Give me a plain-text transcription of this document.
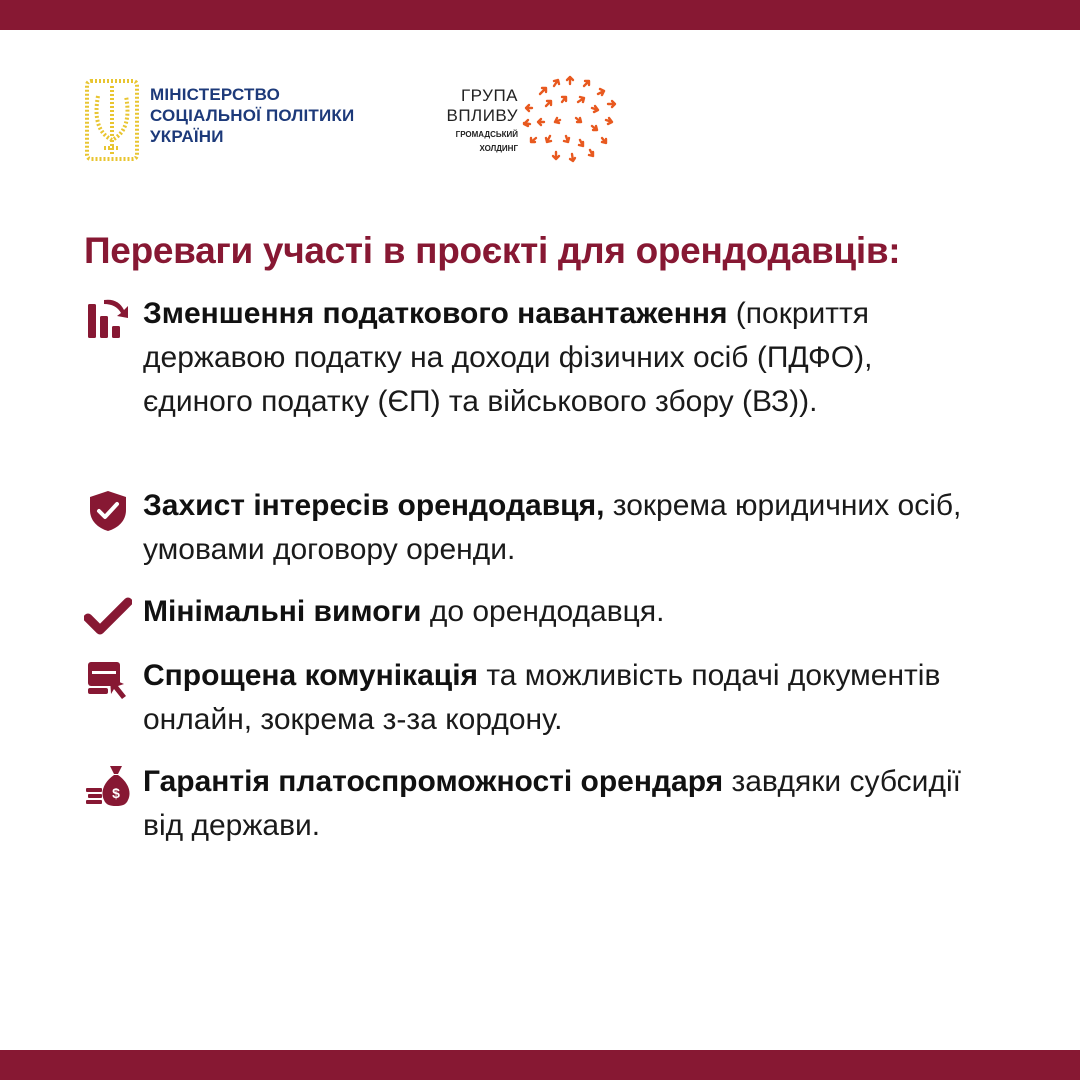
МІНІСТЕРСТВО
СОЦІАЛЬНОЇ ПОЛІТИКИ
УКРАЇНИ
ГРУПА
ВПЛИВУ
ГРОМАДСЬКИЙ
ХОЛДИНГ
Переваги участі в проєкті для орендодавців:
Зменшення податкового навантаження (покриття державою податку на доходи фізичних осіб (ПДФО), єдиного податку (ЄП) та військового збору (ВЗ)).
Захист інтересів орендодавця, зокрема юридичних осіб, умовами договору оренди.
Мінімальні вимоги до орендодавця.
Спрощена комунікація та можливість подачі документів онлайн, зокрема з-за кордону.
$ Гарантія платоспроможності орендаря завдяки субсидії від держави.
